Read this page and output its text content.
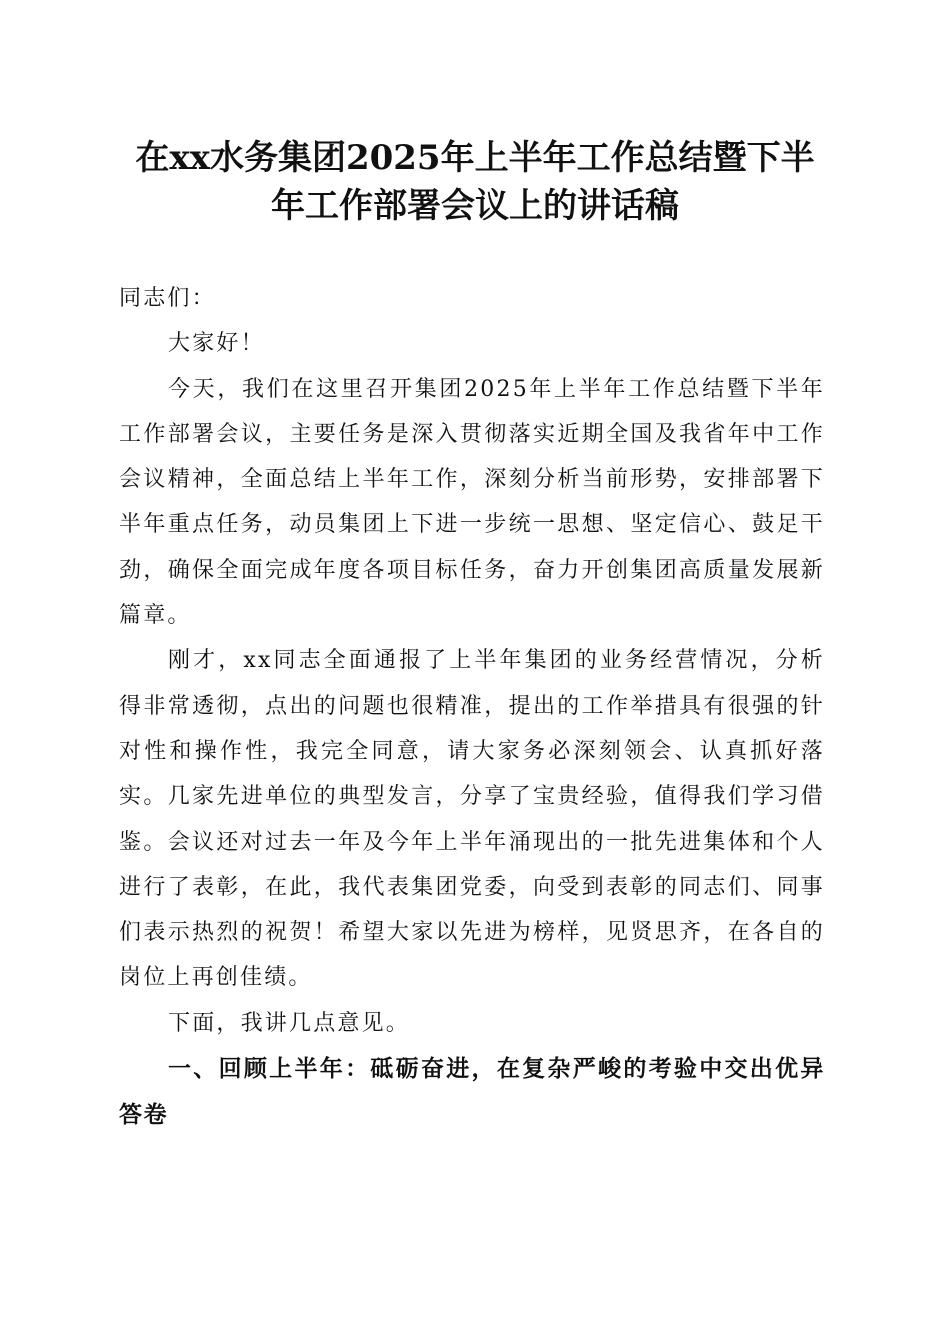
在xx水务集团2025年上半年工作总结暨下半
年工作部署会议上的讲话稿

同志们：

大家好！

今天，我们在这里召开集团2025年上半年工作总结暨下半年工作部署会议，主要任务是深入贯彻落实近期全国及我省年中工作会议精神，全面总结上半年工作，深刻分析当前形势，安排部署下半年重点任务，动员集团上下进一步统一思想、坚定信心、鼓足干劲，确保全面完成年度各项目标任务，奋力开创集团高质量发展新篇章。

刚才，xx同志全面通报了上半年集团的业务经营情况，分析得非常透彻，点出的问题也很精准，提出的工作举措具有很强的针对性和操作性，我完全同意，请大家务必深刻领会、认真抓好落实。几家先进单位的典型发言，分享了宝贵经验，值得我们学习借鉴。会议还对过去一年及今年上半年涌现出的一批先进集体和个人进行了表彰，在此，我代表集团党委，向受到表彰的同志们、同事们表示热烈的祝贺！希望大家以先进为榜样，见贤思齐，在各自的岗位上再创佳绩。

下面，我讲几点意见。

一、回顾上半年：砥砺奋进，在复杂严峻的考验中交出优异答卷
